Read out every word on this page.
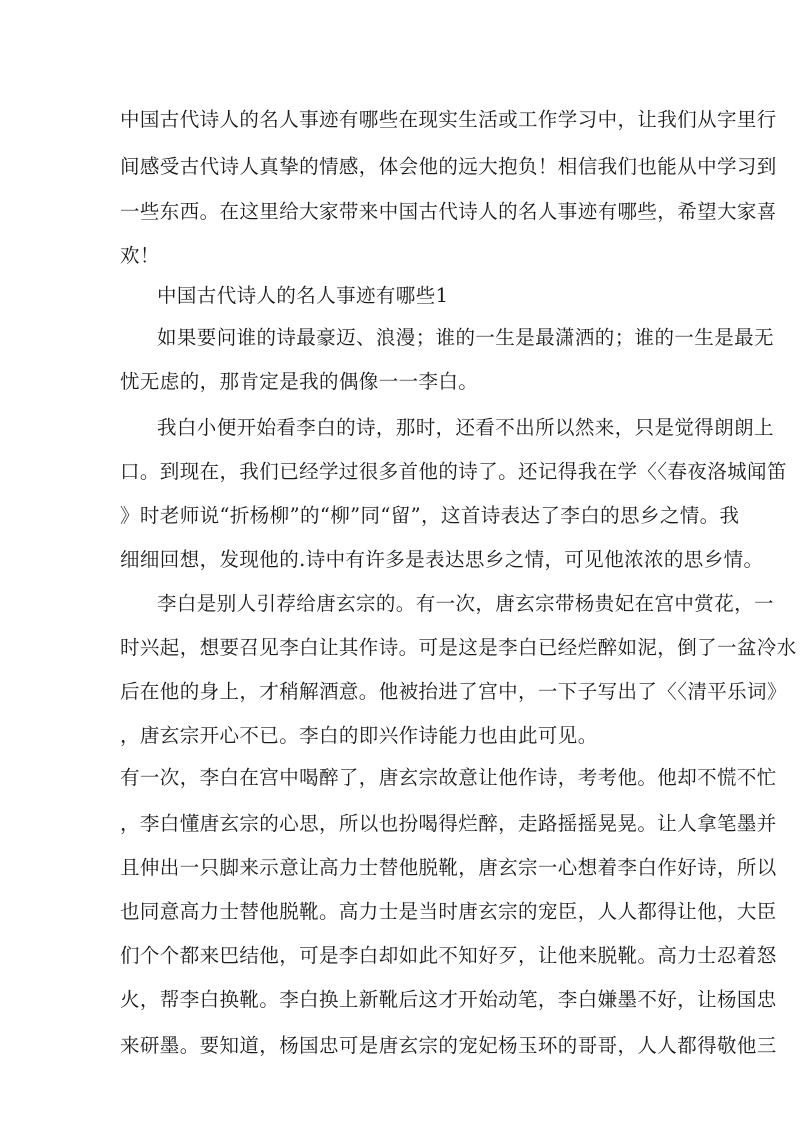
中国古代诗人的名人事迹有哪些在现实生活或工作学习中，让我们从字里行
间感受古代诗人真挚的情感，体会他的远大抱负！相信我们也能从中学习到
一些东西。在这里给大家带来中国古代诗人的名人事迹有哪些，希望大家喜
欢！
中国古代诗人的名人事迹有哪些1
如果要问谁的诗最豪迈、浪漫；谁的一生是最潇洒的；谁的一生是最无
忧无虑的，那肯定是我的偶像一一李白。
我白小便开始看李白的诗，那时，还看不出所以然来，只是觉得朗朗上
口。到现在，我们已经学过很多首他的诗了。还记得我在学〈〈春夜洛城闻笛
》时老师说“折杨柳”的“柳”同“留”，这首诗表达了李白的思乡之情。我
细细回想，发现他的.诗中有许多是表达思乡之情，可见他浓浓的思乡情。
李白是别人引荐给唐玄宗的。有一次，唐玄宗带杨贵妃在宫中赏花，一
时兴起，想要召见李白让其作诗。可是这是李白已经烂醉如泥，倒了一盆冷水
后在他的身上，才稍解酒意。他被抬进了宫中，一下子写出了〈〈清平乐词》
，唐玄宗开心不已。李白的即兴作诗能力也由此可见。
有一次，李白在宫中喝醉了，唐玄宗故意让他作诗，考考他。他却不慌不忙
，李白懂唐玄宗的心思，所以也扮喝得烂醉，走路摇摇晃晃。让人拿笔墨并
且伸出一只脚来示意让高力士替他脱靴，唐玄宗一心想着李白作好诗，所以
也同意高力士替他脱靴。高力士是当时唐玄宗的宠臣，人人都得让他，大臣
们个个都来巴结他，可是李白却如此不知好歹，让他来脱靴。高力士忍着怒
火，帮李白换靴。李白换上新靴后这才开始动笔，李白嫌墨不好，让杨国忠
来研墨。要知道，杨国忠可是唐玄宗的宠妃杨玉环的哥哥，人人都得敬他三
